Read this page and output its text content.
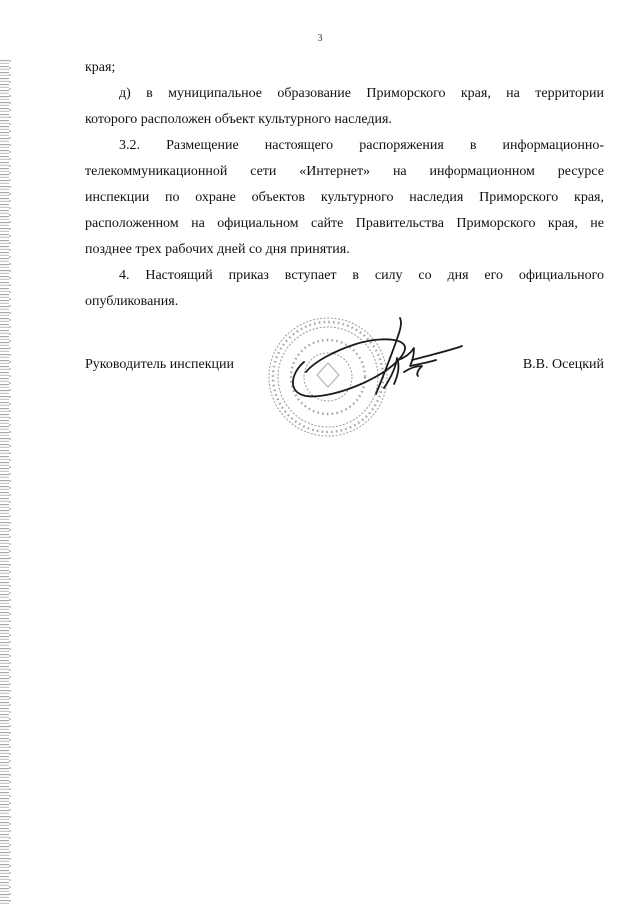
3
края;
д) в муниципальное образование Приморского края, на территории
которого расположен объект культурного наследия.
3.2. Размещение настоящего распоряжения в информационно-
телекоммуникационной сети «Интернет» на информационном ресурсе
инспекции по охране объектов культурного наследия Приморского края,
расположенном на официальном сайте Правительства Приморского края, не
позднее трех рабочих дней со дня принятия.
4. Настоящий приказ вступает в силу со дня его официального
опубликования.
Руководитель инспекции	В.В. Осецкий
